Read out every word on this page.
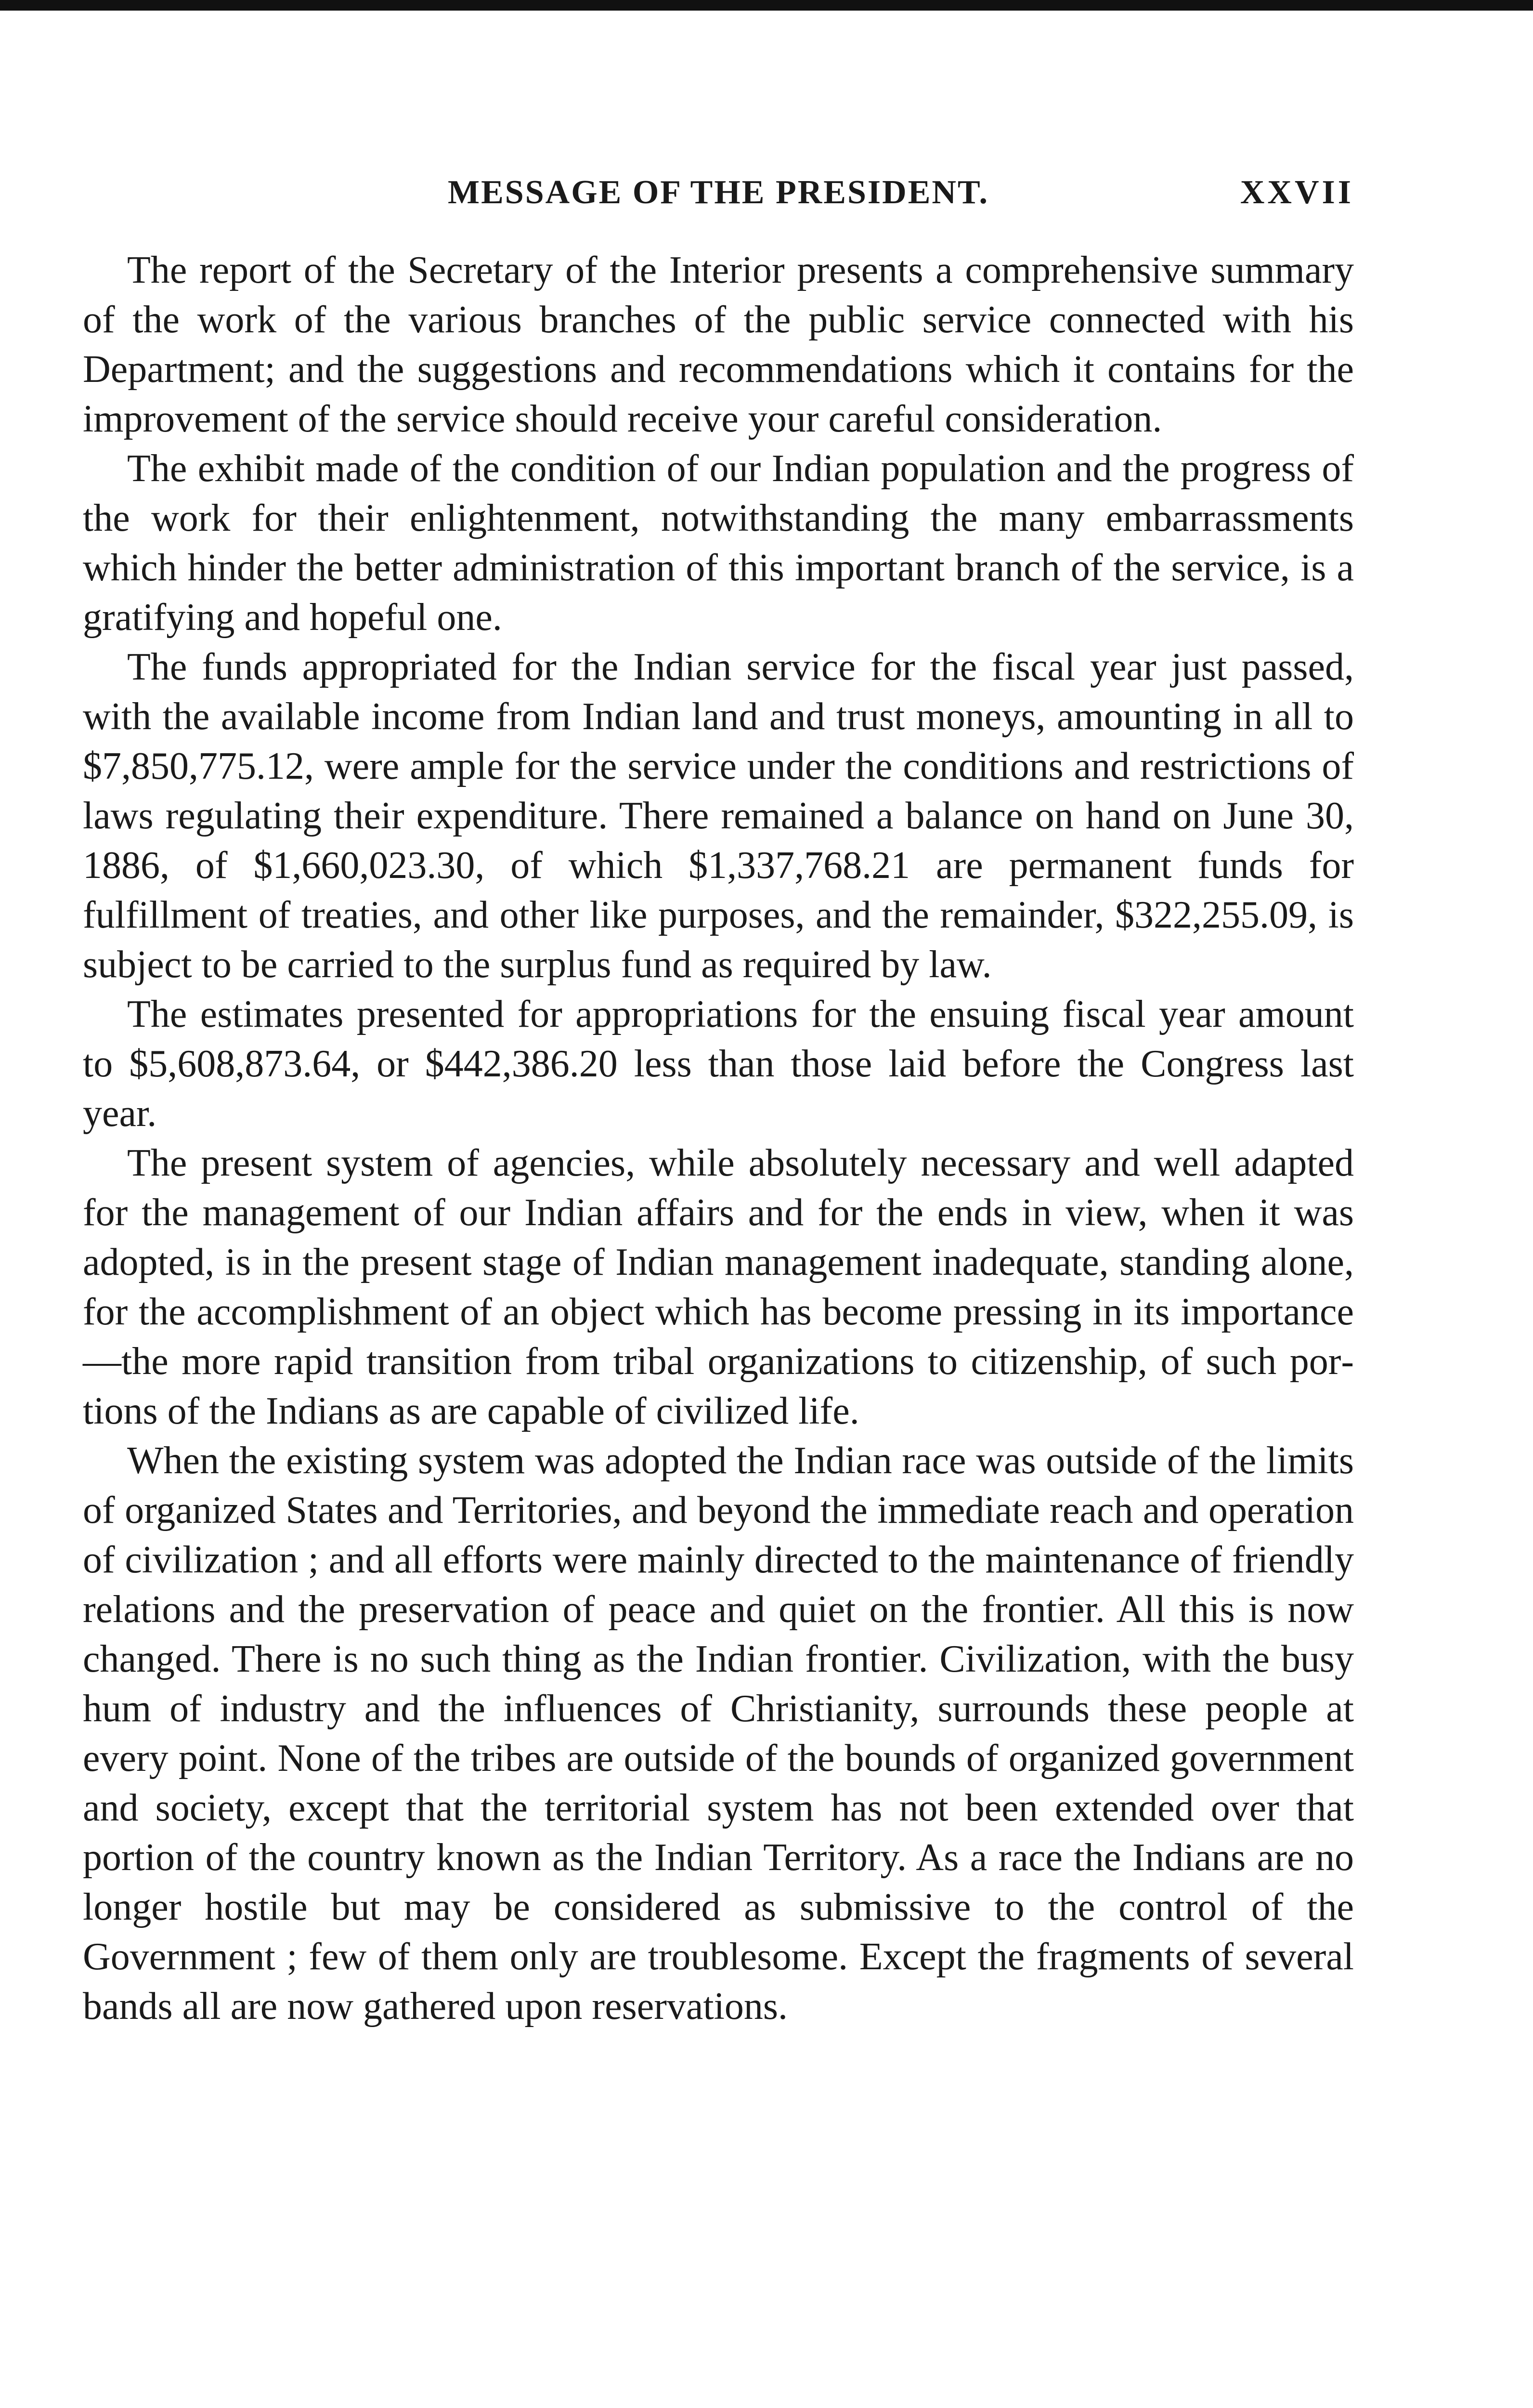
MESSAGE OF THE PRESIDENT.	XXVII

The report of the Secretary of the Interior presents a comprehensive summary of the work of the various branches of the public service connected with his Department; and the suggestions and recommendations which it contains for the improvement of the service should receive your careful consideration.

The exhibit made of the condition of our Indian population and the progress of the work for their enlightenment, notwithstanding the many embarrassments which hinder the better administration of this important branch of the service, is a gratifying and hopeful one.

The funds appropriated for the Indian service for the fiscal year just passed, with the available income from Indian land and trust moneys, amounting in all to $7,850,775.12, were ample for the service under the conditions and restrictions of laws regulating their expenditure. There remained a balance on hand on June 30, 1886, of $1,660,023.30, of which $1,337,768.21 are permanent funds for fulfillment of treaties, and other like purposes, and the remainder, $322,255.09, is subject to be carried to the surplus fund as required by law.

The estimates presented for appropriations for the ensuing fiscal year amount to $5,608,873.64, or $442,386.20 less than those laid before the Congress last year.

The present system of agencies, while absolutely necessary and well adapted for the management of our Indian affairs and for the ends in view, when it was adopted, is in the present stage of Indian management inadequate, standing alone, for the accomplishment of an object which has become pressing in its importance—the more rapid transition from tribal organizations to citizenship, of such portions of the Indians as are capable of civilized life.

When the existing system was adopted the Indian race was outside of the limits of organized States and Territories, and beyond the immediate reach and operation of civilization ; and all efforts were mainly directed to the maintenance of friendly relations and the preservation of peace and quiet on the frontier. All this is now changed. There is no such thing as the Indian frontier. Civilization, with the busy hum of industry and the influences of Christianity, surrounds these people at every point. None of the tribes are outside of the bounds of organized government and society, except that the territorial system has not been extended over that portion of the country known as the Indian Territory. As a race the Indians are no longer hostile but may be considered as submissive to the control of the Government ; few of them only are troublesome. Except the fragments of several bands all are now gathered upon reservations.
